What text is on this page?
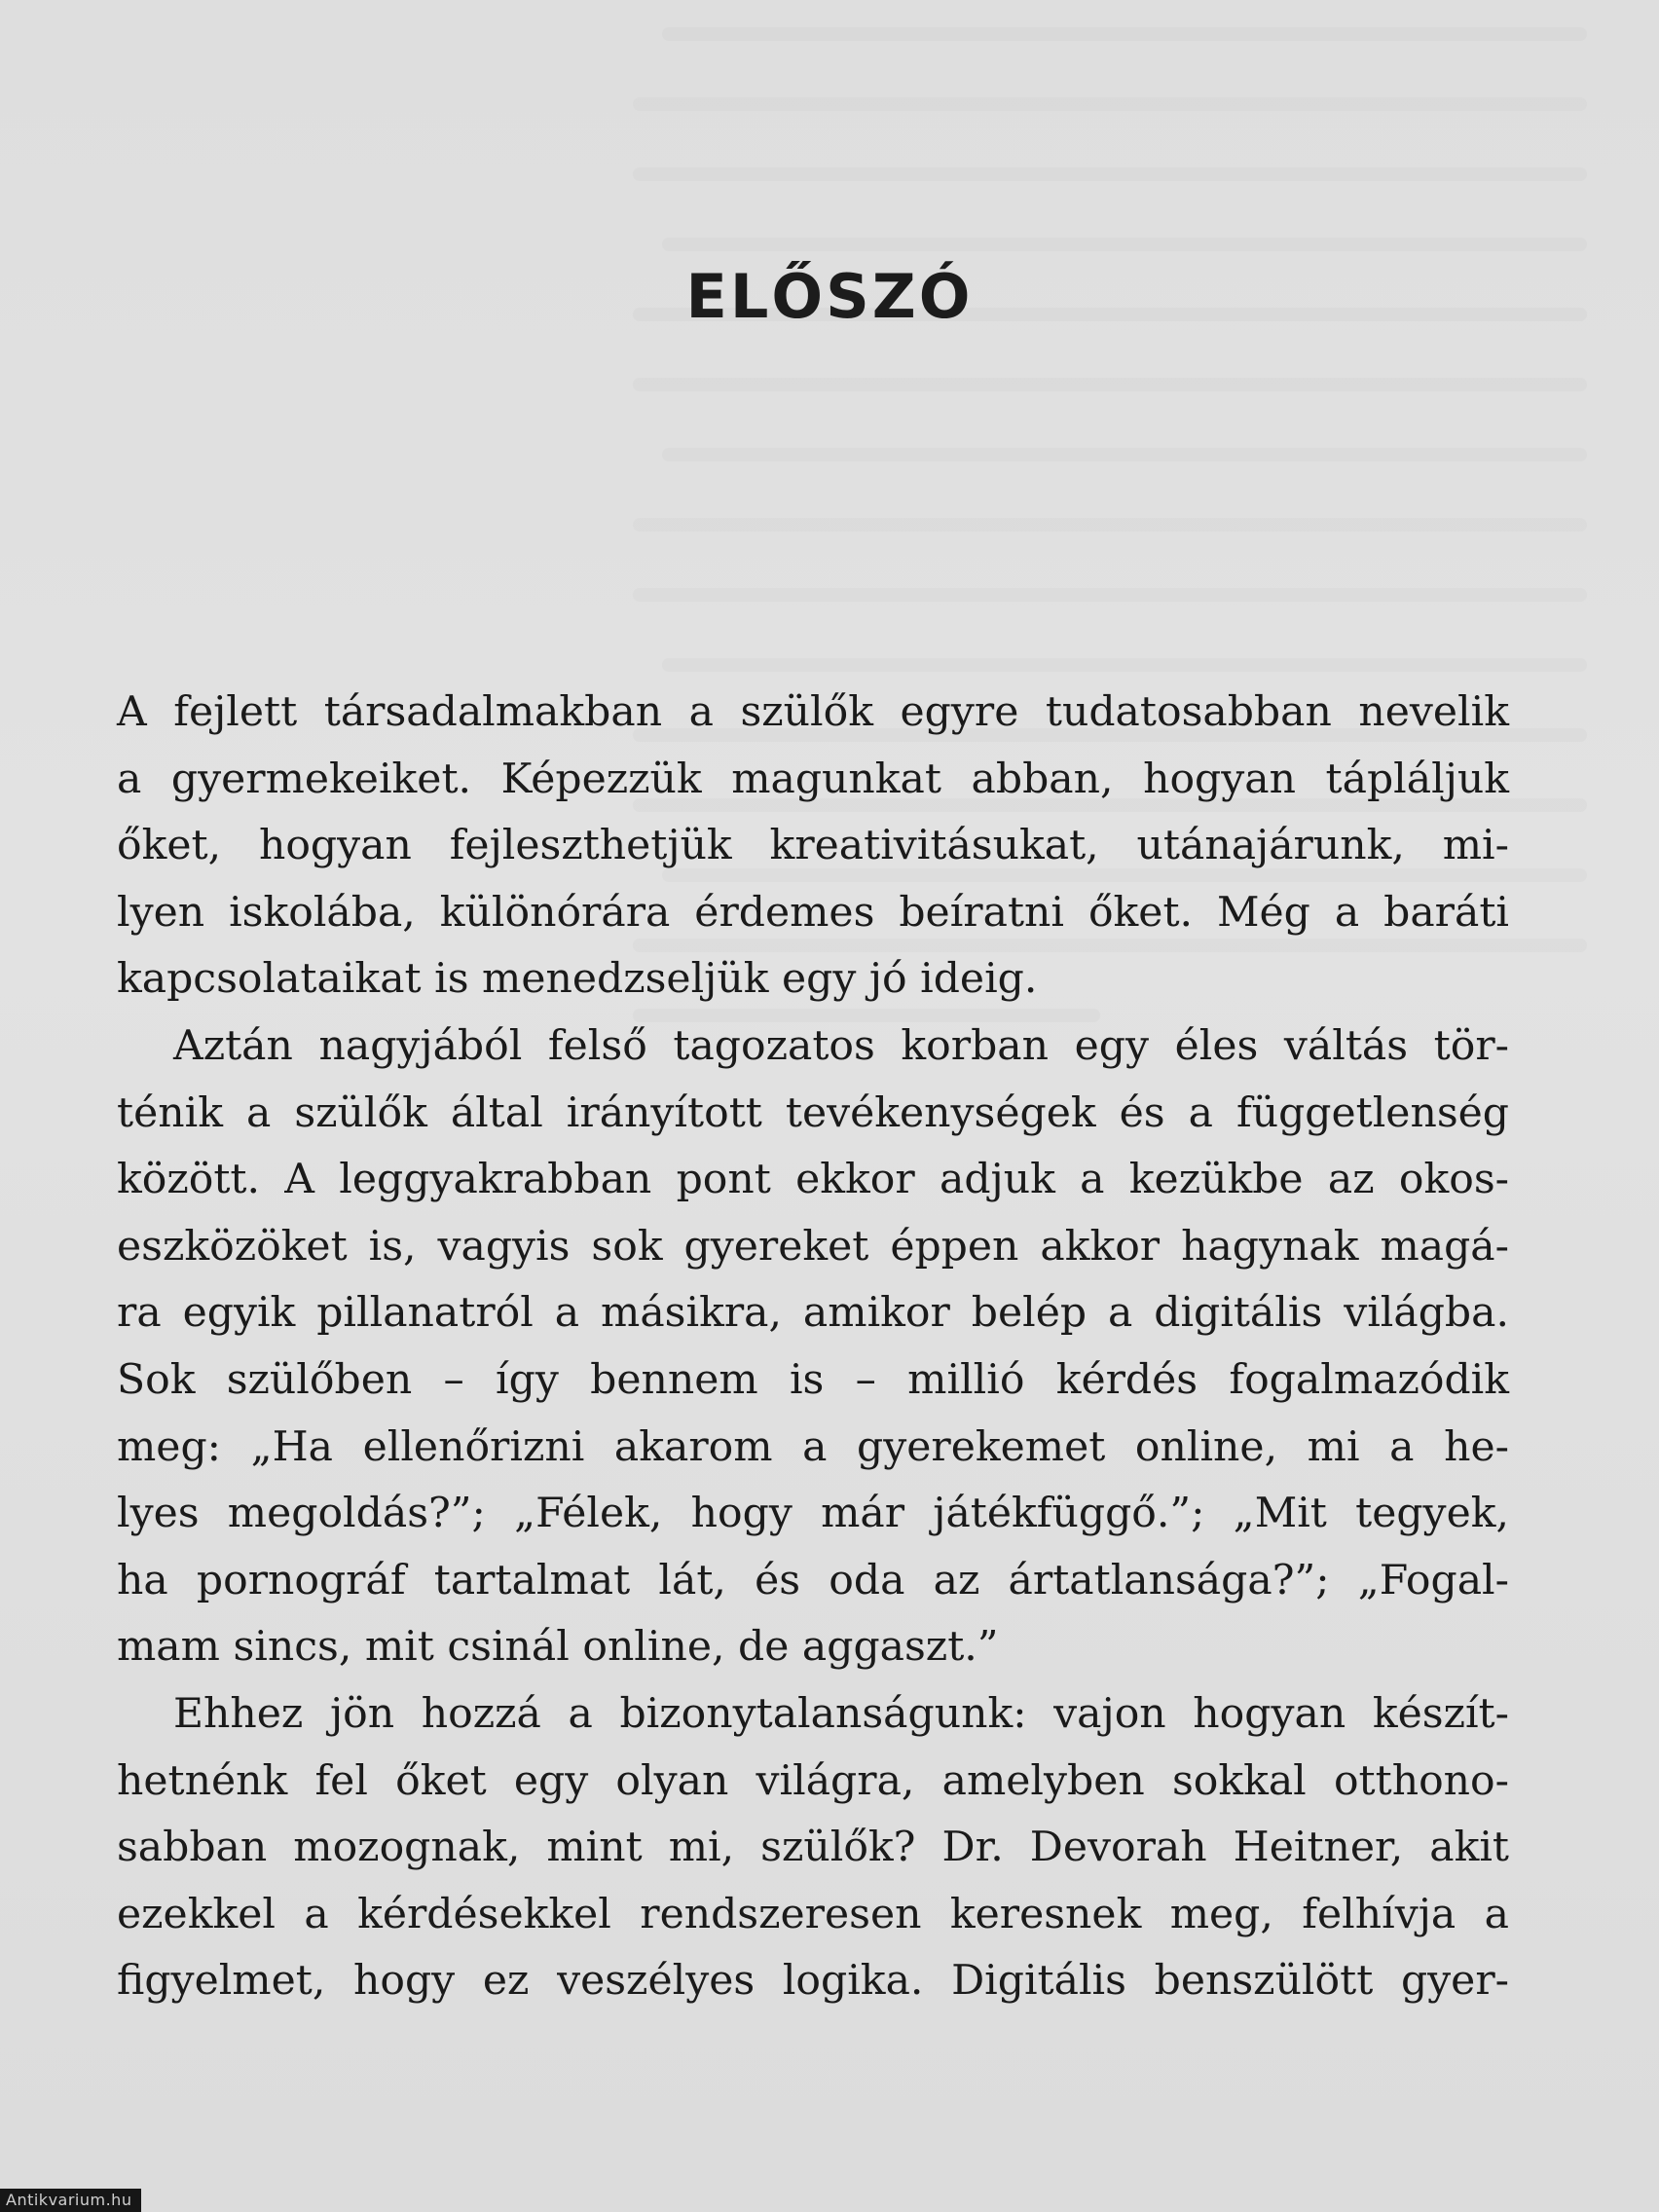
ELŐSZÓ
A fejlett társadalmakban a szülők egyre tudatosabban nevelik
a gyermekeiket. Képezzük magunkat abban, hogyan tápláljuk
őket, hogyan fejleszthetjük kreativitásukat, utánajárunk, mi-
lyen iskolába, különórára érdemes beíratni őket. Még a baráti
kapcsolataikat is menedzseljük egy jó ideig.
Aztán nagyjából felső tagozatos korban egy éles váltás tör-
ténik a szülők által irányított tevékenységek és a függetlenség
között. A leggyakrabban pont ekkor adjuk a kezükbe az okos-
eszközöket is, vagyis sok gyereket éppen akkor hagynak magá-
ra egyik pillanatról a másikra, amikor belép a digitális világba.
Sok szülőben – így bennem is – millió kérdés fogalmazódik
meg: „Ha ellenőrizni akarom a gyerekemet online, mi a he-
lyes megoldás?”; „Félek, hogy már játékfüggő.”; „Mit tegyek,
ha pornográf tartalmat lát, és oda az ártatlansága?”; „Fogal-
mam sincs, mit csinál online, de aggaszt.”
Ehhez jön hozzá a bizonytalanságunk: vajon hogyan készít-
hetnénk fel őket egy olyan világra, amelyben sokkal otthono-
sabban mozognak, mint mi, szülők? Dr. Devorah Heitner, akit
ezekkel a kérdésekkel rendszeresen keresnek meg, felhívja a
figyelmet, hogy ez veszélyes logika. Digitális benszülött gyer-
Antikvarium.hu
